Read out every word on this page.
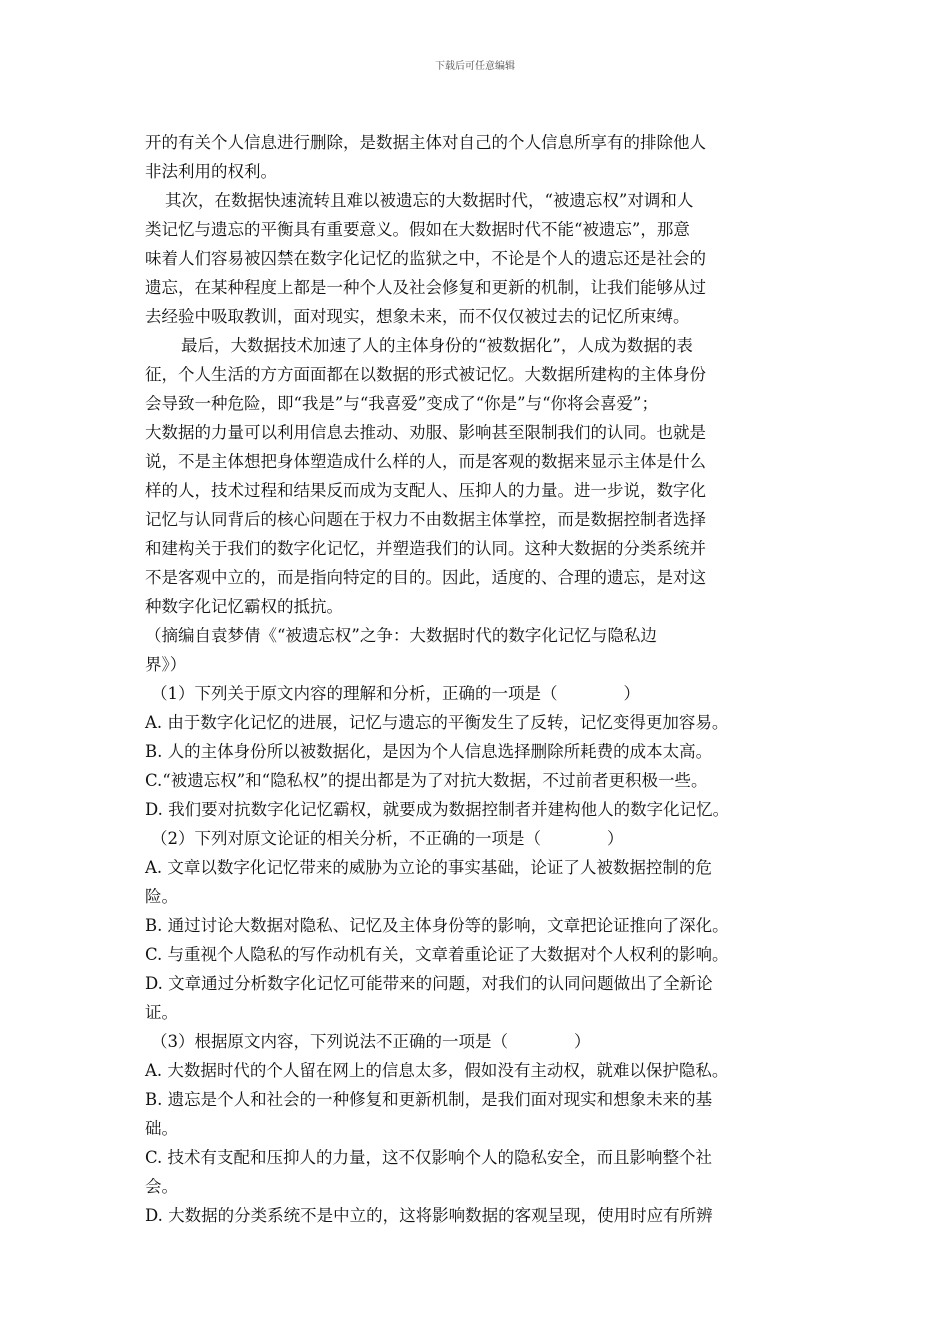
下载后可任意编辑
开的有关个人信息进行删除，是数据主体对自己的个人信息所享有的排除他人
非法利用的权利。
其次，在数据快速流转且难以被遗忘的大数据时代，“被遗忘权”对调和人
类记忆与遗忘的平衡具有重要意义。假如在大数据时代不能“被遗忘”，那意
味着人们容易被囚禁在数字化记忆的监狱之中，不论是个人的遗忘还是社会的
遗忘，在某种程度上都是一种个人及社会修复和更新的机制，让我们能够从过
去经验中吸取教训，面对现实，想象未来，而不仅仅被过去的记忆所束缚。
最后，大数据技术加速了人的主体身份的“被数据化”，人成为数据的表
征，个人生活的方方面面都在以数据的形式被记忆。大数据所建构的主体身份
会导致一种危险，即“我是”与“我喜爱”变成了“你是”与“你将会喜爱”；
大数据的力量可以利用信息去推动、劝服、影响甚至限制我们的认同。也就是
说，不是主体想把身体塑造成什么样的人，而是客观的数据来显示主体是什么
样的人，技术过程和结果反而成为支配人、压抑人的力量。进一步说，数字化
记忆与认同背后的核心问题在于权力不由数据主体掌控，而是数据控制者选择
和建构关于我们的数字化记忆，并塑造我们的认同。这种大数据的分类系统并
不是客观中立的，而是指向特定的目的。因此，适度的、合理的遗忘，是对这
种数字化记忆霸权的抵抗。
（摘编自袁梦倩《“被遗忘权”之争：大数据时代的数字化记忆与隐私边
界》）
（1）下列关于原文内容的理解和分析，正确的一项是（　　　　）
A. 由于数字化记忆的进展，记忆与遗忘的平衡发生了反转，记忆变得更加容易。
B. 人的主体身份所以被数据化，是因为个人信息选择删除所耗费的成本太高。
C.“被遗忘权”和“隐私权”的提出都是为了对抗大数据，不过前者更积极一些。
D. 我们要对抗数字化记忆霸权，就要成为数据控制者并建构他人的数字化记忆。
（2）下列对原文论证的相关分析，不正确的一项是（　　　　）
A. 文章以数字化记忆带来的威胁为立论的事实基础，论证了人被数据控制的危
险。
B. 通过讨论大数据对隐私、记忆及主体身份等的影响，文章把论证推向了深化。
C. 与重视个人隐私的写作动机有关，文章着重论证了大数据对个人权利的影响。
D. 文章通过分析数字化记忆可能带来的问题，对我们的认同问题做出了全新论
证。
（3）根据原文内容，下列说法不正确的一项是（　　　　）
A. 大数据时代的个人留在网上的信息太多，假如没有主动权，就难以保护隐私。
B. 遗忘是个人和社会的一种修复和更新机制，是我们面对现实和想象未来的基
础。
C. 技术有支配和压抑人的力量，这不仅影响个人的隐私安全，而且影响整个社
会。
D. 大数据的分类系统不是中立的，这将影响数据的客观呈现，使用时应有所辨
